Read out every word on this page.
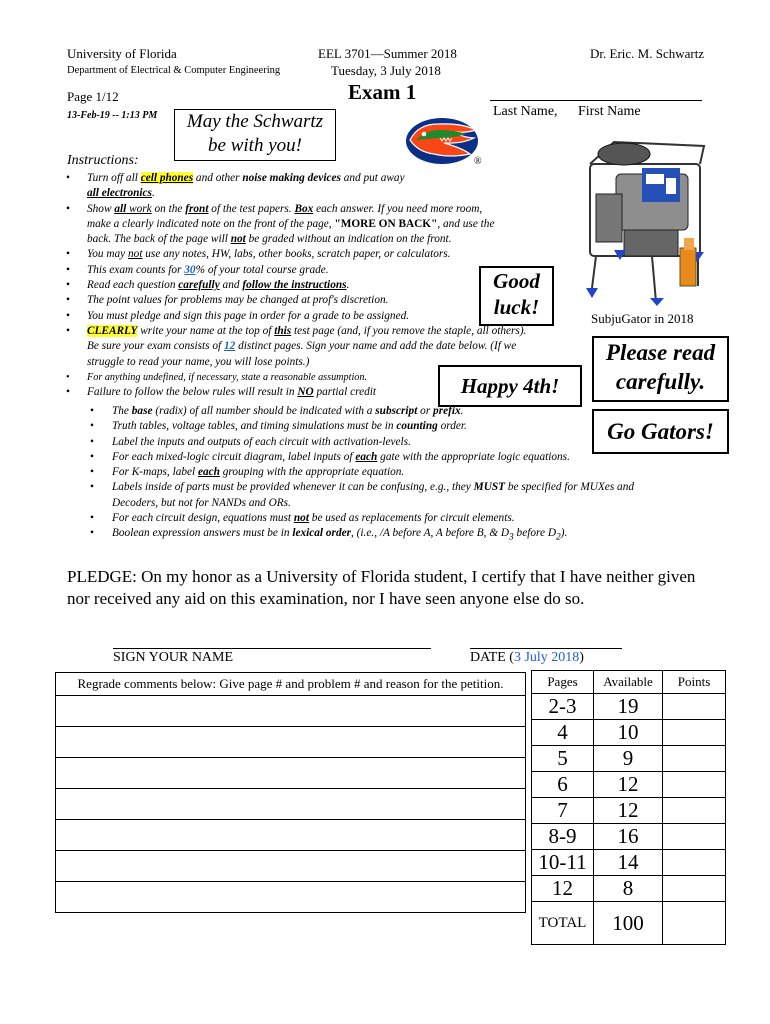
University of Florida
Department of Electrical & Computer Engineering
EEL 3701—Summer 2018
Tuesday, 3 July 2018
Dr. Eric. M. Schwartz
Page 1/12	Exam 1
13-Feb-19 -- 1:13 PM	Last Name, First Name
May the Schwartz
be with you!
Good
luck!
Happy 4th!
Please read
carefully.
Go Gators!
®
SubjuGator in 2018
Instructions:
• Turn off all cell phones and other noise making devices and put away
all electronics.
• Show all work on the front of the test papers. Box each answer. If you need more room,
make a clearly indicated note on the front of the page, "MORE ON BACK", and use the
back. The back of the page will not be graded without an indication on the front.
• You may not use any notes, HW, labs, other books, scratch paper, or calculators.
• This exam counts for 30% of your total course grade.
• Read each question carefully and follow the instructions.
• The point values for problems may be changed at prof's discretion.
• You must pledge and sign this page in order for a grade to be assigned.
• CLEARLY write your name at the top of this test page (and, if you remove the staple, all others).
Be sure your exam consists of 12 distinct pages. Sign your name and add the date below. (If we
struggle to read your name, you will lose points.)
• For anything undefined, if necessary, state a reasonable assumption.
• Failure to follow the below rules will result in NO partial credit
• The base (radix) of all number should be indicated with a subscript or prefix.
• Truth tables, voltage tables, and timing simulations must be in counting order.
• Label the inputs and outputs of each circuit with activation-levels.
• For each mixed-logic circuit diagram, label inputs of each gate with the appropriate logic equations.
• For K-maps, label each grouping with the appropriate equation.
• Labels inside of parts must be provided whenever it can be confusing, e.g., they MUST be specified for MUXes and
Decoders, but not for NANDs and ORs.
• For each circuit design, equations must not be used as replacements for circuit elements.
• Boolean expression answers must be in lexical order, (i.e., /A before A, A before B, & $D_3$ before $D_2$).
PLEDGE: On my honor as a University of Florida student, I certify that I have neither given
nor received any aid on this examination, nor I have seen anyone else do so.
SIGN YOUR NAME	DATE (3 July 2018)
Regrade comments below: Give page # and problem # and reason for the petition.	Pages	Available	Points
2-3	19	
4	10	
5	9	
6	12	
7	12	
8-9	16	
10-11	14	
12	8	
TOTAL	100	
